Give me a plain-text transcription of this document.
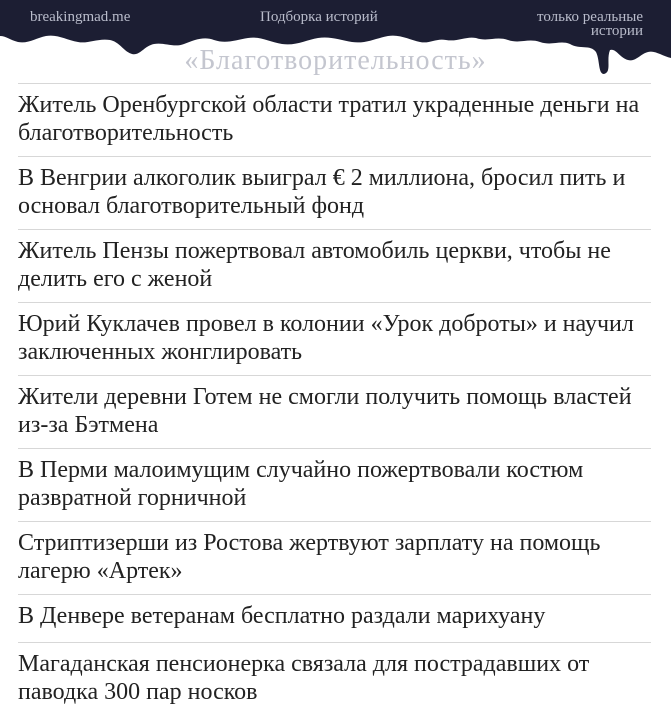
breakingmad.me	Подборка историй	только реальные истории
«Благотворительность»
Житель Оренбургской области тратил украденные деньги на благотворительность
В Венгрии алкоголик выиграл € 2 миллиона, бросил пить и основал благотворительный фонд
Житель Пензы пожертвовал автомобиль церкви, чтобы не делить его с женой
Юрий Куклачев провел в колонии «Урок доброты» и научил заключенных жонглировать
Жители деревни Готем не смогли получить помощь властей из-за Бэтмена
В Перми малоимущим случайно пожертвовали костюм развратной горничной
Стриптизерши из Ростова жертвуют зарплату на помощь лагерю «Артек»
В Денвере ветеранам бесплатно раздали марихуану
Магаданская пенсионерка связала для пострадавших от паводка 300 пар носков
